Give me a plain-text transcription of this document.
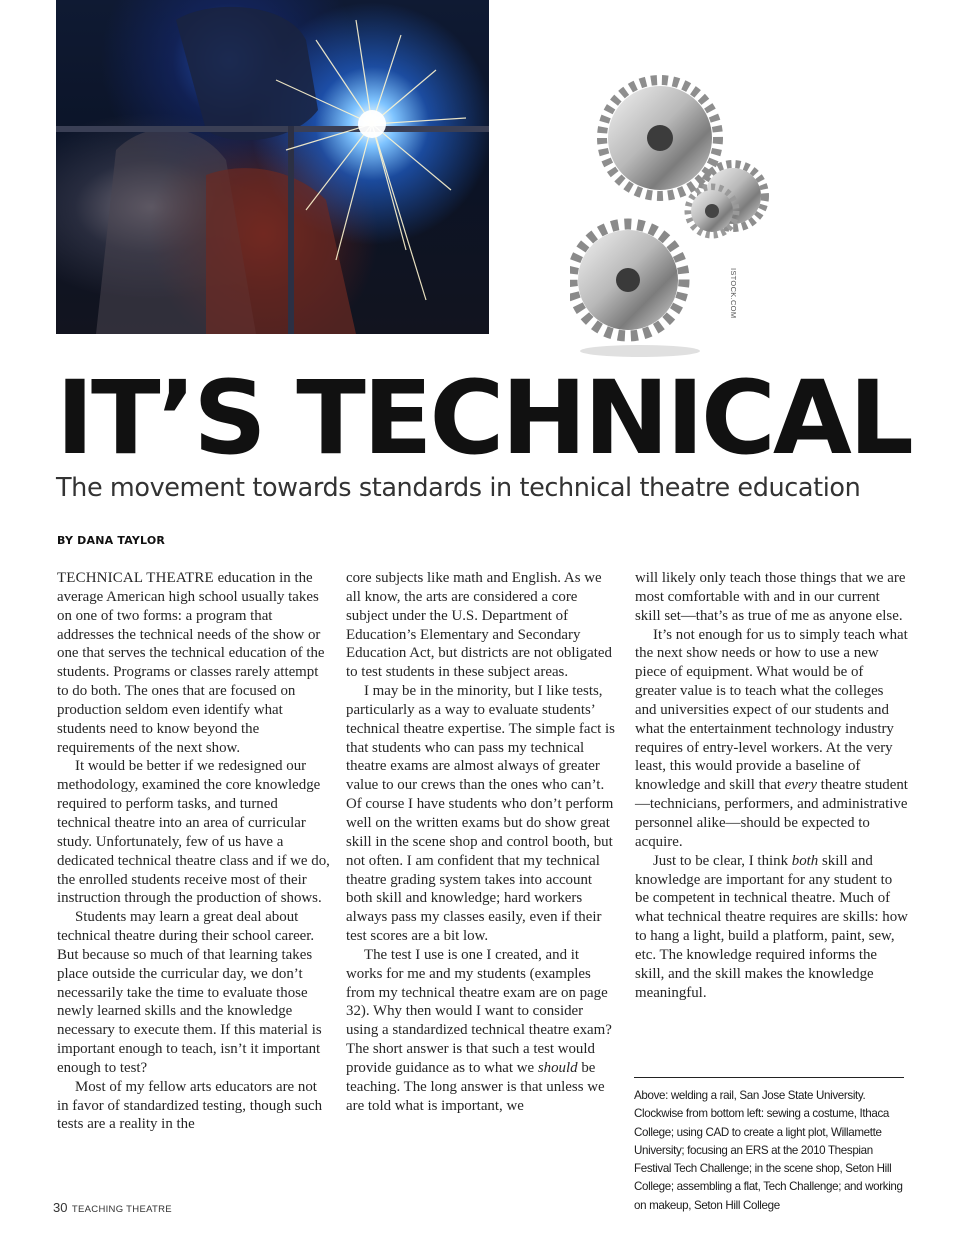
ISTOCK.COM
IT’S TECHNICAL
The movement towards standards in technical theatre education
BY DANA TAYLOR

TECHNICAL THEATRE education in the average American high school usually takes on one of two forms: a program that addresses the technical needs of the show or one that serves the technical education of the students. Programs or classes rarely attempt to do both. The ones that are focused on production seldom even identify what students need to know beyond the requirements of the next show.

It would be better if we redesigned our methodology, examined the core knowledge required to perform tasks, and turned technical theatre into an area of curricular study. Unfortunately, few of us have a dedicated technical theatre class and if we do, the enrolled students receive most of their instruction through the production of shows.

Students may learn a great deal about technical theatre during their school career. But because so much of that learning takes place outside the curricular day, we don’t necessarily take the time to evaluate those newly learned skills and the knowledge necessary to execute them. If this material is important enough to teach, isn’t it important enough to test?

Most of my fellow arts educators are not in favor of standardized testing, though such tests are a reality in the

core subjects like math and English. As we all know, the arts are considered a core subject under the U.S. Department of Education’s Elementary and Secondary Education Act, but districts are not obligated to test students in these subject areas.

I may be in the minority, but I like tests, particularly as a way to evaluate students’ technical theatre expertise. The simple fact is that students who can pass my technical theatre exams are almost always of greater value to our crews than the ones who can’t. Of course I have students who don’t perform well on the written exams but do show great skill in the scene shop and control booth, but not often. I am confident that my technical theatre grading system takes into account both skill and knowledge; hard workers always pass my classes easily, even if their test scores are a bit low.

The test I use is one I created, and it works for me and my students (examples from my technical theatre exam are on page 32). Why then would I want to consider using a standardized technical theatre exam? The short answer is that such a test would provide guidance as to what we should be teaching. The long answer is that unless we are told what is important, we

will likely only teach those things that we are most comfortable with and in our current skill set—that’s as true of me as anyone else.

It’s not enough for us to simply teach what the next show needs or how to use a new piece of equipment. What would be of greater value is to teach what the colleges and universities expect of our students and what the entertainment technology industry requires of entry-level workers. At the very least, this would provide a baseline of knowledge and skill that every theatre student—technicians, performers, and administrative personnel alike—should be expected to acquire.

Just to be clear, I think both skill and knowledge are important for any student to be competent in technical theatre. Much of what technical theatre requires are skills: how to hang a light, build a platform, paint, sew, etc. The knowledge required informs the skill, and the skill makes the knowledge meaningful.

Above: welding a rail, San Jose State University. Clockwise from bottom left: sewing a costume, Ithaca College; using CAD to create a light plot, Willamette University; focusing an ERS at the 2010 Thespian Festival Tech Challenge; in the scene shop, Seton Hill College; assembling a flat, Tech Challenge; and working on makeup, Seton Hill College
30 TEACHING THEATRE
